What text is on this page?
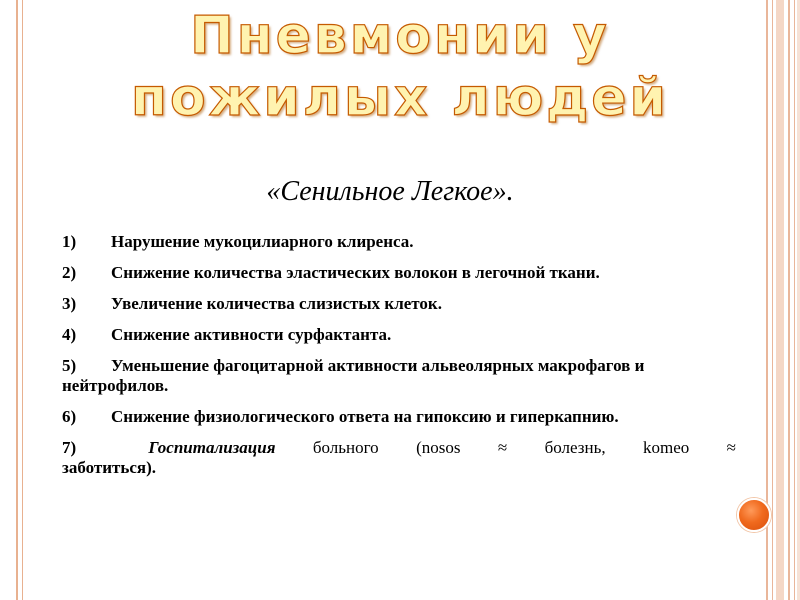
Пневмонии у
пожилых людей
«Сенильное Легкое».
1) Нарушение мукоцилиарного клиренса.
2) Снижение количества эластических волокон в легочной ткани.
3) Увеличение количества слизистых клеток.
4) Снижение активности сурфактанта.
5) Уменьшение фагоцитарной активности альвеолярных макрофагов и нейтрофилов.
6) Снижение физиологического ответа на гипоксию и гиперкапнию.
7)	Госпитализация больного (nosos ≈ болезнь, komeo ≈
заботиться).
